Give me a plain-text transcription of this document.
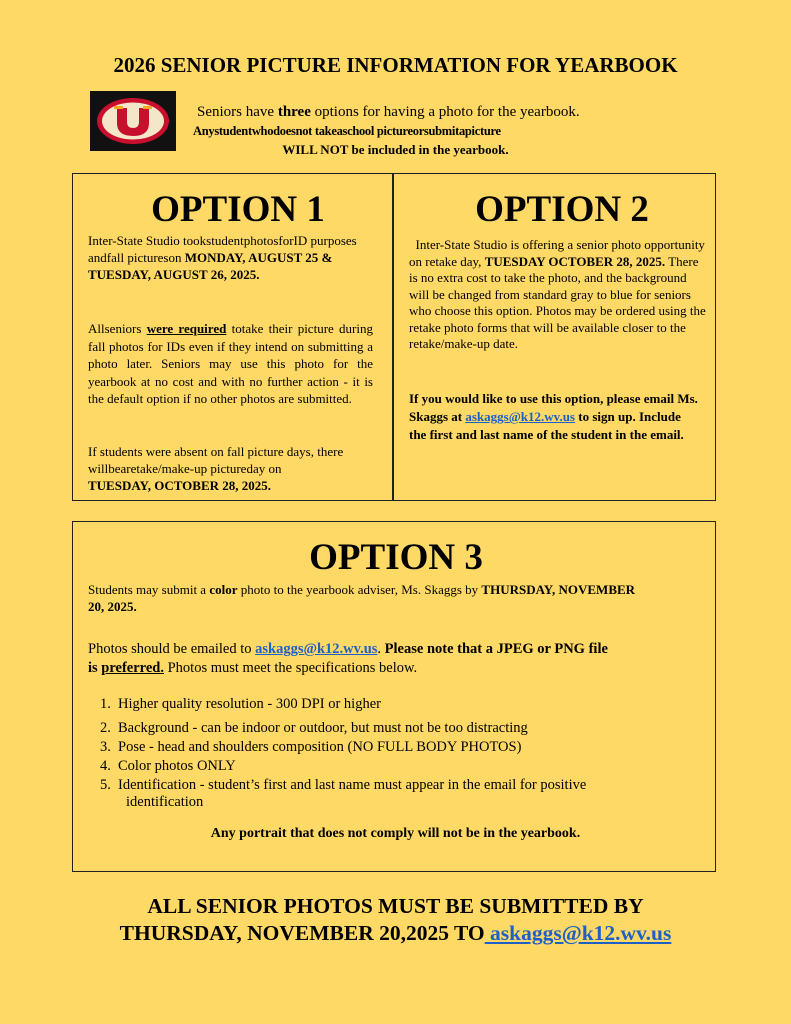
2026 SENIOR PICTURE INFORMATION FOR YEARBOOK
Seniors have three options for having a photo for the yearbook.
Anystudentwhodoesnot takeaschool pictureorsubmitapicture
WILL NOT be included in the yearbook.
OPTION 1
Inter-State Studio tookstudentphotosforID purposes andfall pictureson MONDAY, AUGUST 25 & TUESDAY, AUGUST 26, 2025.
Allseniors were required totake their picture during fall photos for IDs even if they intend on submitting a photo later. Seniors may use this photo for the yearbook at no cost and with no further action - it is the default option if no other photos are submitted.
If students were absent on fall picture days, there willbearetake/make-up pictureday on
TUESDAY, OCTOBER 28, 2025.
OPTION 2
Inter-State Studio is offering a senior photo opportunity on retake day, TUESDAY OCTOBER 28, 2025. There is no extra cost to take the photo, and the background will be changed from standard gray to blue for seniors who choose this option. Photos may be ordered using the retake photo forms that will be available closer to the retake/make-up date.
If you would like to use this option, please email Ms. Skaggs at askaggs@k12.wv.us to sign up. Include the first and last name of the student in the email.
OPTION 3
Students may submit a color photo to the yearbook adviser, Ms. Skaggs by THURSDAY, NOVEMBER 20, 2025.
Photos should be emailed to askaggs@k12.wv.us. Please note that a JPEG or PNG file is preferred. Photos must meet the specifications below.
1. Higher quality resolution - 300 DPI or higher
2. Background - can be indoor or outdoor, but must not be too distracting
3. Pose - head and shoulders composition (NO FULL BODY PHOTOS)
4. Color photos ONLY
5. Identification - student’s first and last name must appear in the email for positive
identification
Any portrait that does not comply will not be in the yearbook.
ALL SENIOR PHOTOS MUST BE SUBMITTED BY
THURSDAY, NOVEMBER 20,2025 TO askaggs@k12.wv.us
